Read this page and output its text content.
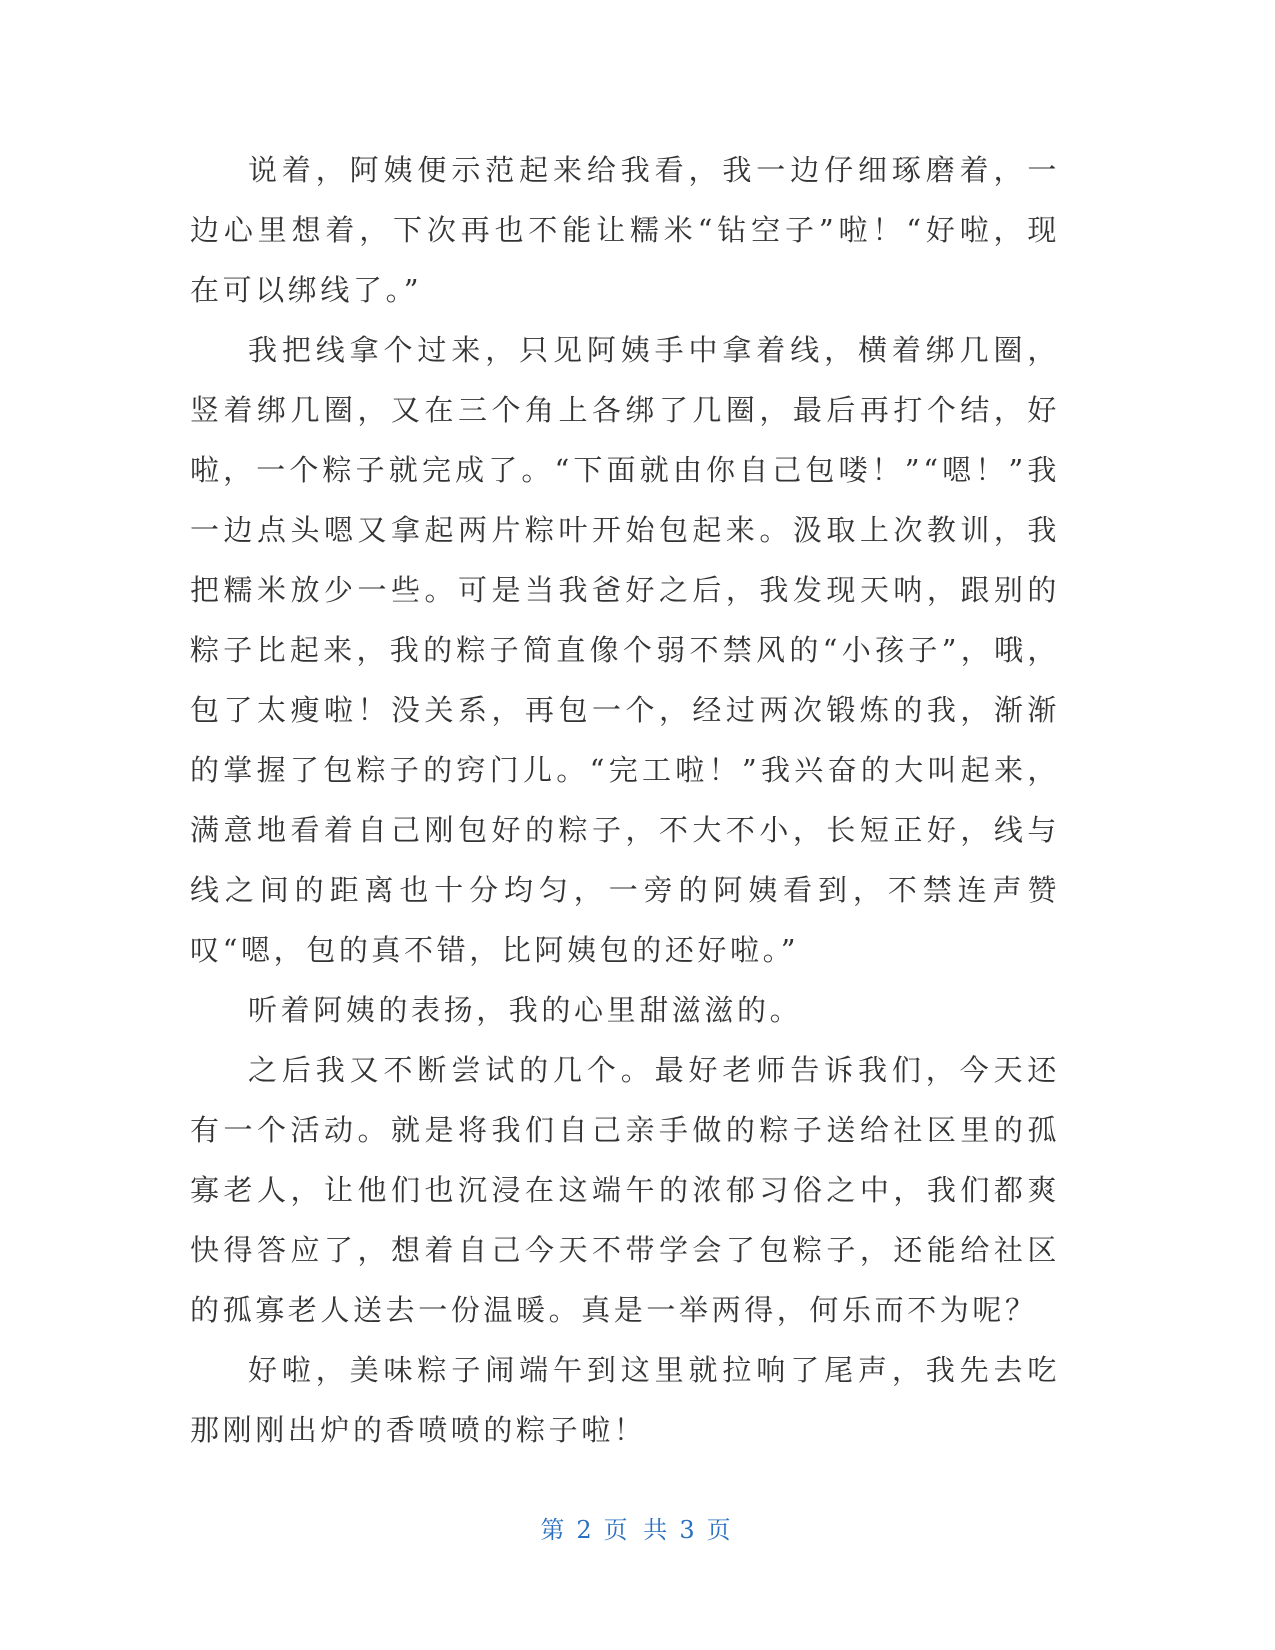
说着，阿姨便示范起来给我看，我一边仔细琢磨着，一边心里想着，下次再也不能让糯米“钻空子”啦！“好啦，现在可以绑线了。”

我把线拿个过来，只见阿姨手中拿着线，横着绑几圈，竖着绑几圈，又在三个角上各绑了几圈，最后再打个结，好啦，一个粽子就完成了。“下面就由你自己包喽！”“嗯！”我一边点头嗯又拿起两片粽叶开始包起来。汲取上次教训，我把糯米放少一些。可是当我爸好之后，我发现天呐，跟别的粽子比起来，我的粽子简直像个弱不禁风的“小孩子”，哦，包了太瘦啦！没关系，再包一个，经过两次锻炼的我，渐渐的掌握了包粽子的窍门儿。“完工啦！”我兴奋的大叫起来，满意地看着自己刚包好的粽子，不大不小，长短正好，线与线之间的距离也十分均匀，一旁的阿姨看到，不禁连声赞叹“嗯，包的真不错，比阿姨包的还好啦。”

听着阿姨的表扬，我的心里甜滋滋的。

之后我又不断尝试的几个。最好老师告诉我们，今天还有一个活动。就是将我们自己亲手做的粽子送给社区里的孤寡老人，让他们也沉浸在这端午的浓郁习俗之中，我们都爽快得答应了，想着自己今天不带学会了包粽子，还能给社区的孤寡老人送去一份温暖。真是一举两得，何乐而不为呢？

好啦，美味粽子闹端午到这里就拉响了尾声，我先去吃那刚刚出炉的香喷喷的粽子啦！

第 2 页 共 3 页
